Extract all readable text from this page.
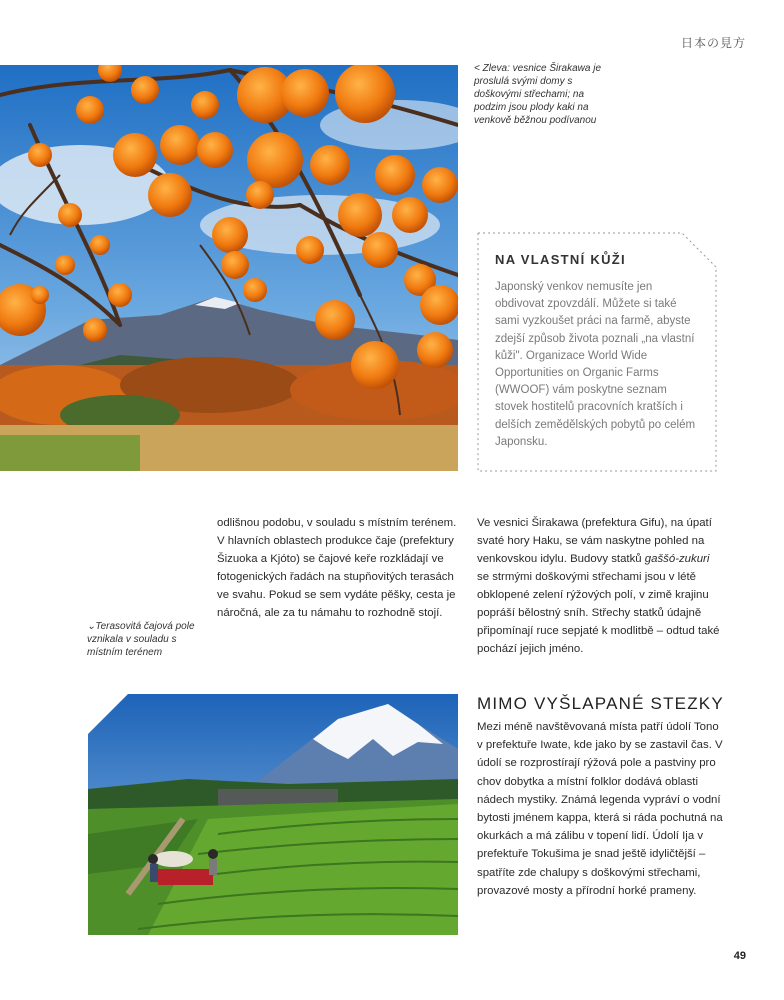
日本の見方
< Zleva: vesnice Širakawa je proslulá svými domy s doškovými střechami; na podzim jsou plody kaki na venkově běžnou podívanou
NA VLASTNÍ KŮŽI
Japonský venkov nemusíte jen obdivovat zpovzdálí. Můžete si také sami vyzkoušet práci na farmě, abyste zdejší způsob života poznali „na vlastní kůži". Organizace World Wide Opportunities on Organic Farms (WWOOF) vám poskytne seznam stovek hostitelů pracovních kratších i delších zemědělských pobytů po celém Japonsku.
odlišnou podobu, v souladu s místním terénem. V hlavních oblastech produkce čaje (prefektury Šizuoka a Kjóto) se čajové keře rozkládají ve fotogenických řadách na stupňovitých terasách ve svahu. Pokud se sem vydáte pěšky, cesta je náročná, ale za tu námahu to rozhodně stojí.

Ve vesnici Širakawa (prefektura Gifu), na úpatí svaté hory Haku, se vám naskytne pohled na venkovskou idylu. Budovy statků gaššó-zukuri se strmými doškovými střechami jsou v létě obklopené zelení rýžových polí, v zimě krajinu popráší bělostný sníh. Střechy statků údajně připomínají ruce sepjaté k modlitbě – odtud také pochází jejich jméno.

⌄Terasovitá čajová pole vznikala v souladu s místním terénem
MIMO VYŠLAPANÉ STEZKY
Mezi méně navštěvovaná místa patří údolí Tono v prefektuře Iwate, kde jako by se zastavil čas. V údolí se rozprostírají rýžová pole a pastviny pro chov dobytka a místní folklor dodává oblasti nádech mystiky. Známá legenda vypráví o vodní bytosti jménem kappa, která si ráda pochutná na okurkách a má zálibu v topení lidí. Údolí Ija v prefektuře Tokušima je snad ještě idyličtější – spatříte zde chalupy s doškovými střechami, provazové mosty a přírodní horké prameny.
49
